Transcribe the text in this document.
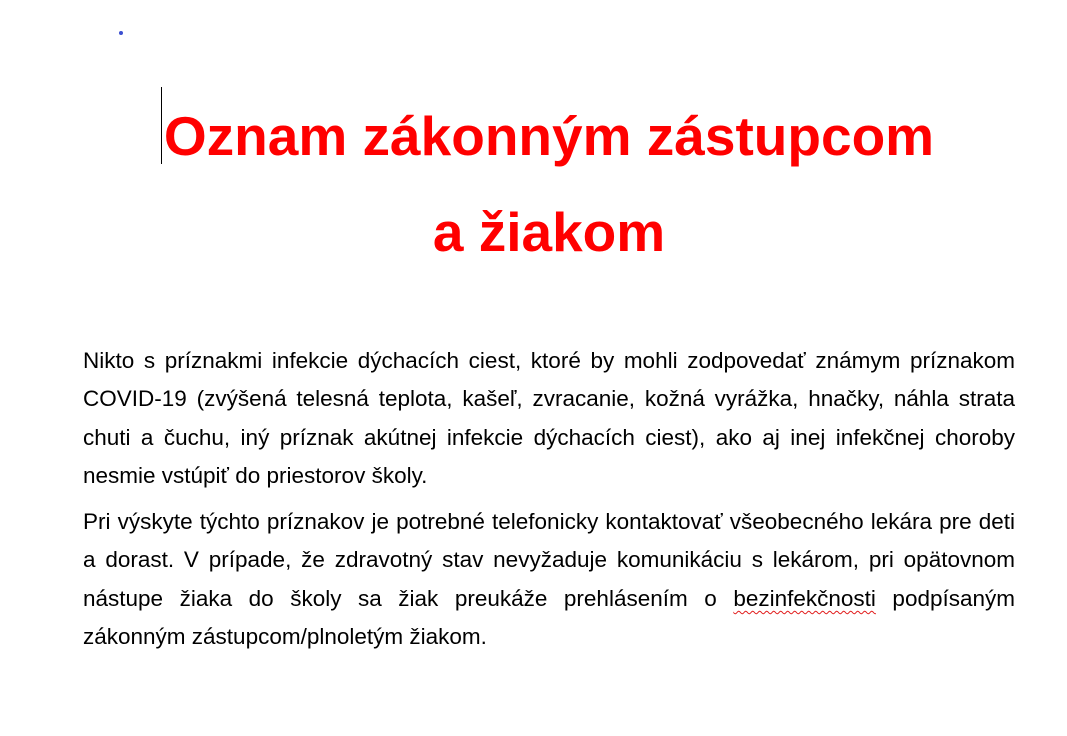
Oznam zákonným zástupcom
a žiakom

Nikto s príznakmi infekcie dýchacích ciest, ktoré by mohli zodpovedať známym príznakom COVID-19 (zvýšená telesná teplota, kašeľ, zvracanie, kožná vyrážka, hnačky, náhla strata chuti a čuchu, iný príznak akútnej infekcie dýchacích ciest), ako aj inej infekčnej choroby nesmie vstúpiť do priestorov školy.

Pri výskyte týchto príznakov je potrebné telefonicky kontaktovať všeobecného lekára pre deti a dorast. V prípade, že zdravotný stav nevyžaduje komunikáciu s lekárom, pri opätovnom nástupe žiaka do školy sa žiak preukáže prehlásením o bezinfekčnosti podpísaným zákonným zástupcom/plnoletým žiakom.
